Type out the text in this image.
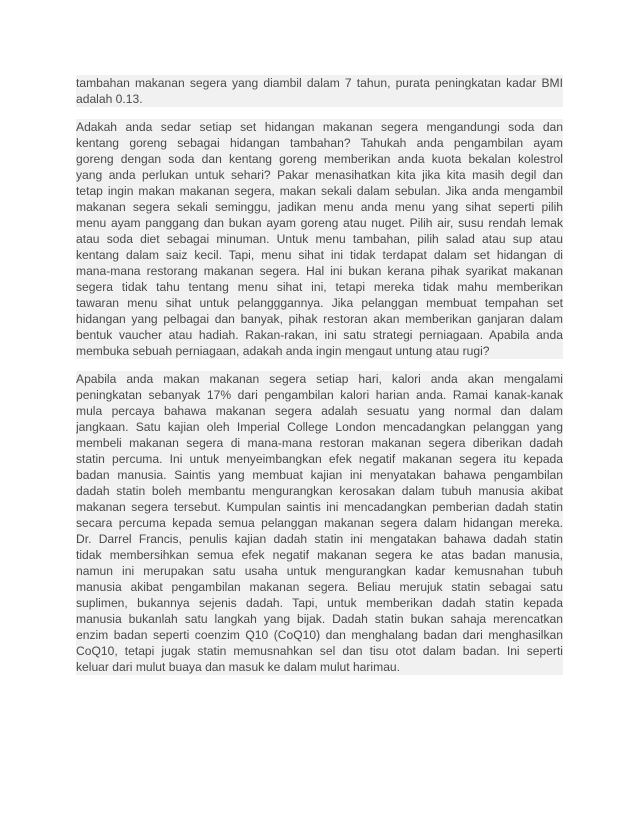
tambahan makanan segera yang diambil dalam 7 tahun, purata peningkatan kadar BMI
adalah 0.13.
Adakah anda sedar setiap set hidangan makanan segera mengandungi soda dan
kentang goreng sebagai hidangan tambahan? Tahukah anda pengambilan ayam
goreng dengan soda dan kentang goreng memberikan anda kuota bekalan kolestrol
yang anda perlukan untuk sehari? Pakar menasihatkan kita jika kita masih degil dan
tetap ingin makan makanan segera, makan sekali dalam sebulan. Jika anda mengambil
makanan segera sekali seminggu, jadikan menu anda menu yang sihat seperti pilih
menu ayam panggang dan bukan ayam goreng atau nuget. Pilih air, susu rendah lemak
atau soda diet sebagai minuman. Untuk menu tambahan, pilih salad atau sup atau
kentang dalam saiz kecil. Tapi, menu sihat ini tidak terdapat dalam set hidangan di
mana-mana restorang makanan segera. Hal ini bukan kerana pihak syarikat makanan
segera tidak tahu tentang menu sihat ini, tetapi mereka tidak mahu memberikan
tawaran menu sihat untuk pelangggannya. Jika pelanggan membuat tempahan set
hidangan yang pelbagai dan banyak, pihak restoran akan memberikan ganjaran dalam
bentuk vaucher atau hadiah. Rakan-rakan, ini satu strategi perniagaan. Apabila anda
membuka sebuah perniagaan, adakah anda ingin mengaut untung atau rugi?
Apabila anda makan makanan segera setiap hari, kalori anda akan mengalami
peningkatan sebanyak 17% dari pengambilan kalori harian anda. Ramai kanak-kanak
mula percaya bahawa makanan segera adalah sesuatu yang normal dan dalam
jangkaan. Satu kajian oleh Imperial College London mencadangkan pelanggan yang
membeli makanan segera di mana-mana restoran makanan segera diberikan dadah
statin percuma. Ini untuk menyeimbangkan efek negatif makanan segera itu kepada
badan manusia. Saintis yang membuat kajian ini menyatakan bahawa pengambilan
dadah statin boleh membantu mengurangkan kerosakan dalam tubuh manusia akibat
makanan segera tersebut. Kumpulan saintis ini mencadangkan pemberian dadah statin
secara percuma kepada semua pelanggan makanan segera dalam hidangan mereka.
Dr. Darrel Francis, penulis kajian dadah statin ini mengatakan bahawa dadah statin
tidak membersihkan semua efek negatif makanan segera ke atas badan manusia,
namun ini merupakan satu usaha untuk mengurangkan kadar kemusnahan tubuh
manusia akibat pengambilan makanan segera. Beliau merujuk statin sebagai satu
suplimen, bukannya sejenis dadah. Tapi, untuk memberikan dadah statin kepada
manusia bukanlah satu langkah yang bijak. Dadah statin bukan sahaja merencatkan
enzim badan seperti coenzim Q10 (CoQ10) dan menghalang badan dari menghasilkan
CoQ10, tetapi jugak statin memusnahkan sel dan tisu otot dalam badan. Ini seperti
keluar dari mulut buaya dan masuk ke dalam mulut harimau.
